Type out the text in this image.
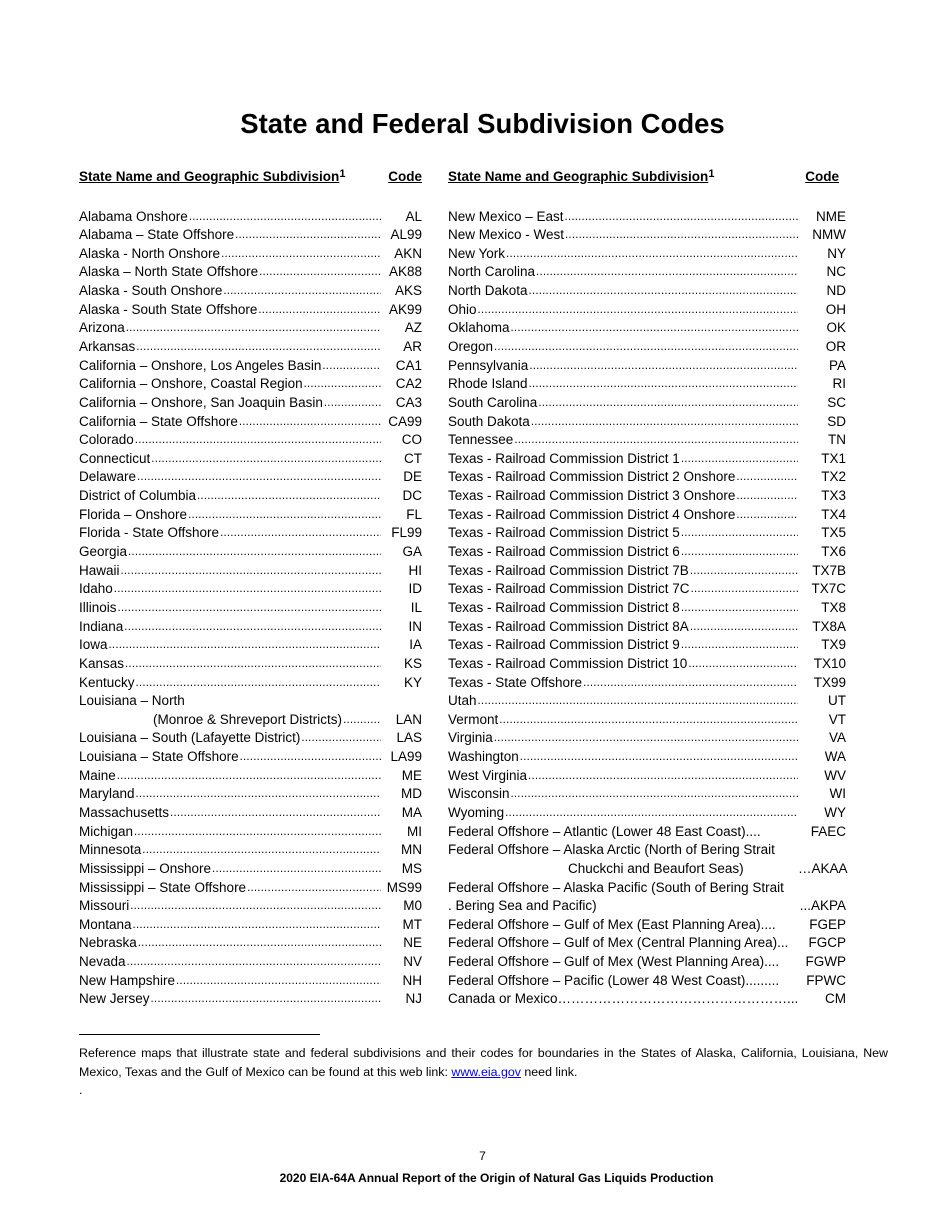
State and Federal Subdivision Codes
State Name and Geographic Subdivision$^1$	Code
Alabama Onshore .....	AL
Alabama – State Offshore .....	AL99
Alaska - North Onshore .....	AKN
Alaska – North State Offshore .....	AK88
Alaska - South Onshore .....	AKS
Alaska - South State Offshore .....	AK99
Arizona .....	AZ
Arkansas .....	AR
California – Onshore, Los Angeles Basin .....	CA1
California – Onshore, Coastal Region .....	CA2
California – Onshore, San Joaquin Basin .....	CA3
California – State Offshore .....	CA99
Colorado .....	CO
Connecticut .....	CT
Delaware .....	DE
District of Columbia .....	DC
Florida – Onshore .....	FL
Florida - State Offshore .....	FL99
Georgia .....	GA
Hawaii .....	HI
Idaho .....	ID
Illinois .....	IL
Indiana .....	IN
Iowa .....	IA
Kansas .....	KS
Kentucky .....	KY
Louisiana – North
(Monroe & Shreveport Districts) .....	LAN
Louisiana – South (Lafayette District) .....	LAS
Louisiana – State Offshore .....	LA99
Maine .....	ME
Maryland .....	MD
Massachusetts .....	MA
Michigan .....	MI
Minnesota .....	MN
Mississippi – Onshore .....	MS
Mississippi – State Offshore .....	MS99
Missouri .....	M0
Montana .....	MT
Nebraska .....	NE
Nevada .....	NV
New Hampshire .....	NH
New Jersey .....	NJ
State Name and Geographic Subdivision$^1$	Code
New Mexico – East .....	NME
New Mexico - West .....	NMW
New York .....	NY
North Carolina .....	NC
North Dakota .....	ND
Ohio .....	OH
Oklahoma .....	OK
Oregon .....	OR
Pennsylvania .....	PA
Rhode Island .....	RI
South Carolina .....	SC
South Dakota .....	SD
Tennessee .....	TN
Texas - Railroad Commission District 1 .....	TX1
Texas - Railroad Commission District 2 Onshore .....	TX2
Texas - Railroad Commission District 3 Onshore .....	TX3
Texas - Railroad Commission District 4 Onshore .....	TX4
Texas - Railroad Commission District 5 .....	TX5
Texas - Railroad Commission District 6 .....	TX6
Texas - Railroad Commission District 7B .....	TX7B
Texas - Railroad Commission District 7C .....	TX7C
Texas - Railroad Commission District 8 .....	TX8
Texas - Railroad Commission District 8A .....	TX8A
Texas - Railroad Commission District 9 .....	TX9
Texas - Railroad Commission District 10 .....	TX10
Texas - State Offshore .....	TX99
Utah .....	UT
Vermont .....	VT
Virginia .....	VA
Washington .....	WA
West Virginia .....	WV
Wisconsin .....	WI
Wyoming .....	WY
Federal Offshore – Atlantic (Lower 48 East Coast)....	FAEC
Federal Offshore – Alaska Arctic (North of Bering Strait
Chuckchi and Beaufort Seas)	…AKAA
Federal Offshore – Alaska Pacific (South of Bering Strait
. Bering Sea and Pacific)	...AKPA
Federal Offshore – Gulf of Mex (East Planning Area)....	FGEP
Federal Offshore – Gulf of Mex (Central Planning Area)...	FGCP
Federal Offshore – Gulf of Mex (West Planning Area)....	FGWP
Federal Offshore – Pacific (Lower 48 West Coast).........	FPWC
Canada or Mexico……………………………………………...	CM

Reference maps that illustrate state and federal subdivisions and their codes for boundaries in the States of Alaska, California, Louisiana, New Mexico, Texas and the Gulf of Mexico can be found at this web link: www.eia.gov need link.

.
7
2020 EIA-64A Annual Report of the Origin of Natural Gas Liquids Production
